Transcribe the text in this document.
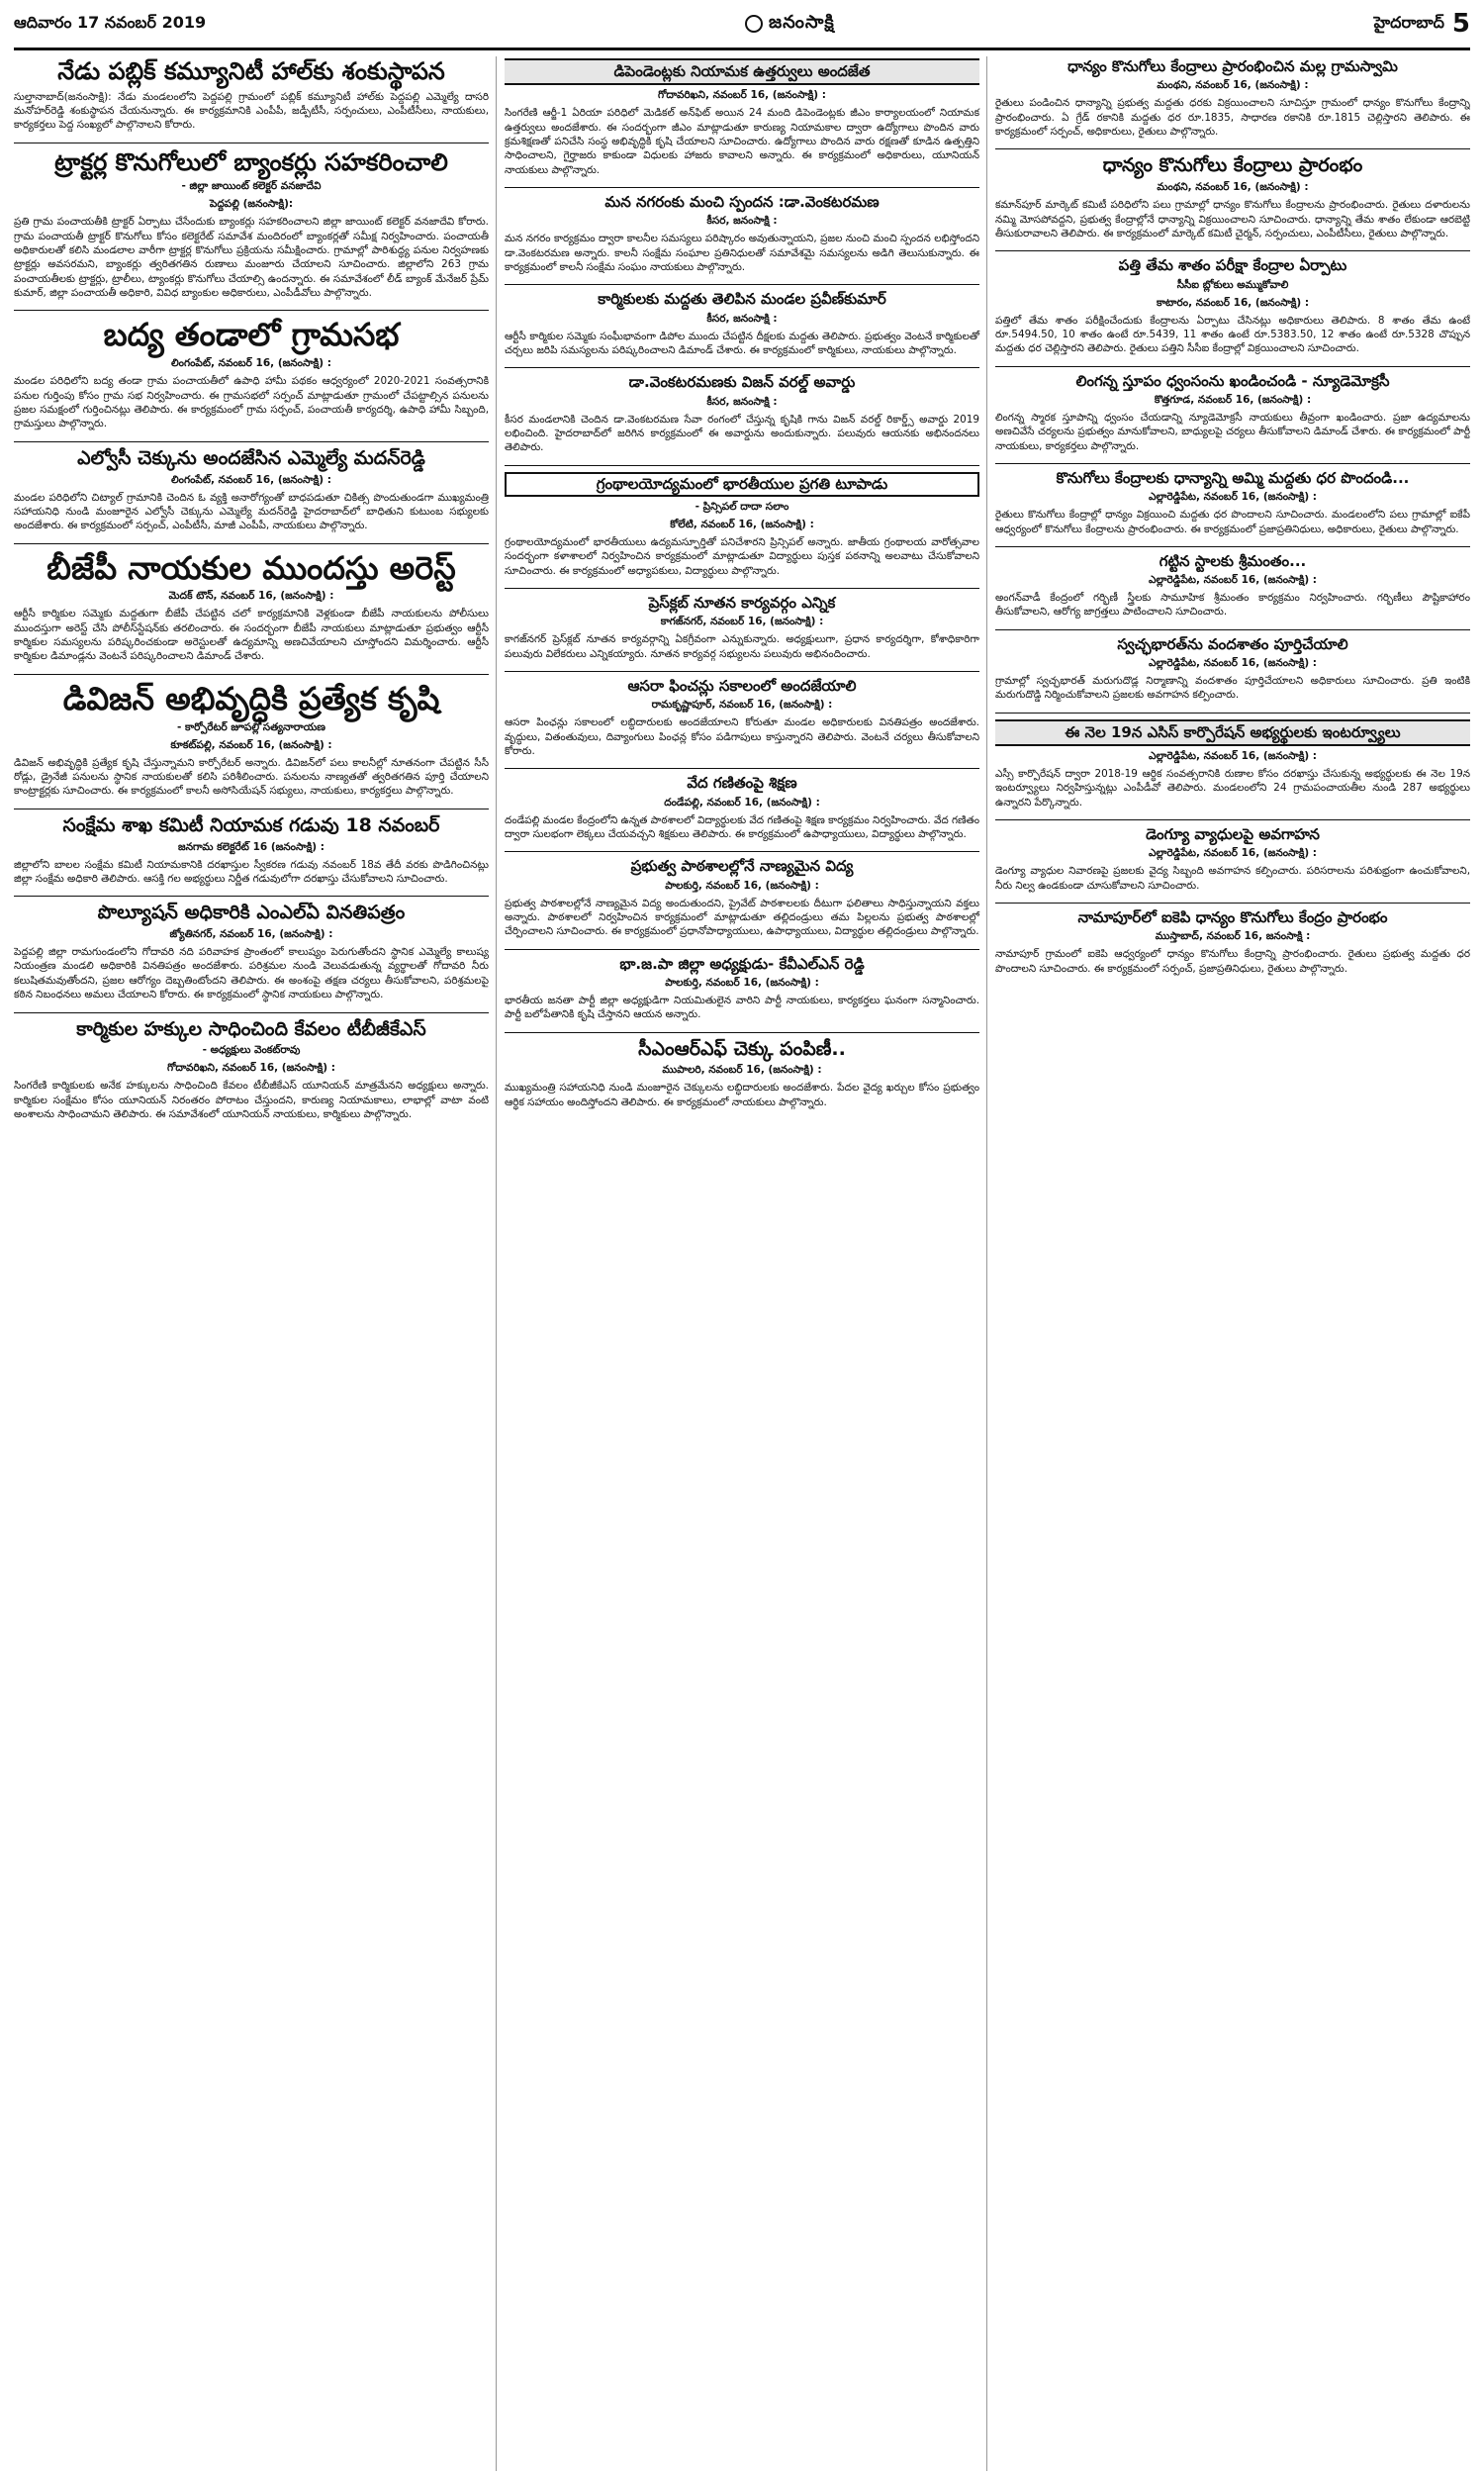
ఆదివారం 17 నవంబర్ 2019	జనంసాక్షి	హైదరాబాద్ 5
నేడు పబ్లిక్ కమ్యూనిటీ హాల్‌కు శంకుస్థాపన

సుల్తానాబాద్(జనంసాక్షి): నేడు మండలంలోని పెద్దపల్లి గ్రామంలో పబ్లిక్ కమ్యూనిటీ హాల్‌కు పెద్దపల్లి ఎమ్మెల్యే దాసరి మనోహర్‌రెడ్డి శంకుస్థాపన చేయనున్నారు. ఈ కార్యక్రమానికి ఎంపీపీ, జడ్పీటీసీ, సర్పంచులు, ఎంపీటీసీలు, నాయకులు, కార్యకర్తలు పెద్ద సంఖ్యలో పాల్గొనాలని కోరారు.

ట్రాక్టర్ల కొనుగోలులో బ్యాంకర్లు సహకరించాలి
- జిల్లా జాయింట్ కలెక్టర్ వనజాదేవి
పెద్దపల్లి (జనంసాక్షి):

ప్రతి గ్రామ పంచాయతీకి ట్రాక్టర్ ఏర్పాటు చేసేందుకు బ్యాంకర్లు సహకరించాలని జిల్లా జాయింట్ కలెక్టర్ వనజాదేవి కోరారు. గ్రామ పంచాయతీ ట్రాక్టర్ కొనుగోలు కోసం కలెక్టరేట్ సమావేశ మందిరంలో బ్యాంకర్లతో సమీక్ష నిర్వహించారు. పంచాయతీ అధికారులతో కలిసి మండలాల వారీగా ట్రాక్టర్ల కొనుగోలు ప్రక్రియను సమీక్షించారు. గ్రామాల్లో పారిశుద్ధ్య పనుల నిర్వహణకు ట్రాక్టర్లు అవసరమని, బ్యాంకర్లు త్వరితగతిన రుణాలు మంజూరు చేయాలని సూచించారు. జిల్లాలోని 263 గ్రామ పంచాయతీలకు ట్రాక్టర్లు, ట్రాలీలు, ట్యాంకర్లు కొనుగోలు చేయాల్సి ఉందన్నారు. ఈ సమావేశంలో లీడ్ బ్యాంక్ మేనేజర్ ప్రేమ్ కుమార్, జిల్లా పంచాయతీ అధికారి, వివిధ బ్యాంకుల అధికారులు, ఎంపీడీవోలు పాల్గొన్నారు.

బద్య తండాలో గ్రామసభ
లింగంపేట్, నవంబర్ 16, (జనంసాక్షి) :

మండల పరిధిలోని బద్య తండా గ్రామ పంచాయతీలో ఉపాధి హామీ పథకం ఆధ్వర్యంలో 2020-2021 సంవత్సరానికి పనుల గుర్తింపు కోసం గ్రామ సభ నిర్వహించారు. ఈ గ్రామసభలో సర్పంచ్ మాట్లాడుతూ గ్రామంలో చేపట్టాల్సిన పనులను ప్రజల సమక్షంలో గుర్తించినట్లు తెలిపారు. ఈ కార్యక్రమంలో గ్రామ సర్పంచ్, పంచాయతీ కార్యదర్శి, ఉపాధి హామీ సిబ్బంది, గ్రామస్తులు పాల్గొన్నారు.

ఎల్వోసీ చెక్కును అందజేసిన ఎమ్మెల్యే మదన్‌రెడ్డి
లింగంపేట్, నవంబర్ 16, (జనంసాక్షి) :

మండల పరిధిలోని చిట్యాల్ గ్రామానికి చెందిన ఓ వ్యక్తి అనారోగ్యంతో బాధపడుతూ చికిత్స పొందుతుండగా ముఖ్యమంత్రి సహాయనిధి నుండి మంజూరైన ఎల్వోసీ చెక్కును ఎమ్మెల్యే మదన్‌రెడ్డి హైదరాబాద్‌లో బాధితుని కుటుంబ సభ్యులకు అందజేశారు. ఈ కార్యక్రమంలో సర్పంచ్, ఎంపీటీసీ, మాజీ ఎంపీపీ, నాయకులు పాల్గొన్నారు.

బీజేపీ నాయకుల ముందస్తు అరెస్ట్
మెదక్ టౌన్, నవంబర్ 16, (జనంసాక్షి) :

ఆర్టీసీ కార్మికుల సమ్మెకు మద్దతుగా బీజేపీ చేపట్టిన చలో కార్యక్రమానికి వెళ్లకుండా బీజేపీ నాయకులను పోలీసులు ముందస్తుగా అరెస్ట్ చేసి పోలీస్‌స్టేషన్‌కు తరలించారు. ఈ సందర్భంగా బీజేపీ నాయకులు మాట్లాడుతూ ప్రభుత్వం ఆర్టీసీ కార్మికుల సమస్యలను పరిష్కరించకుండా అరెస్టులతో ఉద్యమాన్ని అణచివేయాలని చూస్తోందని విమర్శించారు. ఆర్టీసీ కార్మికుల డిమాండ్లను వెంటనే పరిష్కరించాలని డిమాండ్ చేశారు.

డివిజన్ అభివృద్ధికి ప్రత్యేక కృషి
- కార్పోరేటర్ జూపల్లి సత్యనారాయణ
కూకట్‌పల్లి, నవంబర్ 16, (జనంసాక్షి) :

డివిజన్ అభివృద్ధికి ప్రత్యేక కృషి చేస్తున్నామని కార్పోరేటర్ అన్నారు. డివిజన్‌లో పలు కాలనీల్లో నూతనంగా చేపట్టిన సీసీ రోడ్లు, డ్రైనేజీ పనులను స్థానిక నాయకులతో కలిసి పరిశీలించారు. పనులను నాణ్యతతో త్వరితగతిన పూర్తి చేయాలని కాంట్రాక్టర్లకు సూచించారు. ఈ కార్యక్రమంలో కాలనీ అసోసియేషన్ సభ్యులు, నాయకులు, కార్యకర్తలు పాల్గొన్నారు.

సంక్షేమ శాఖ కమిటీ నియామక గడువు 18 నవంబర్
జనగామ కలెక్టరేట్ 16 (జనంసాక్షి) :

జిల్లాలోని బాలల సంక్షేమ కమిటీ నియామకానికి దరఖాస్తుల స్వీకరణ గడువు నవంబర్ 18వ తేదీ వరకు పొడిగించినట్లు జిల్లా సంక్షేమ అధికారి తెలిపారు. ఆసక్తి గల అభ్యర్థులు నిర్ణీత గడువులోగా దరఖాస్తు చేసుకోవాలని సూచించారు.

పొల్యూషన్ అధికారికి ఎంఎల్‌ఏ వినతిపత్రం
జ్యోతినగర్, నవంబర్ 16, (జనంసాక్షి) :

పెద్దపల్లి జిల్లా రామగుండంలోని గోదావరి నది పరివాహక ప్రాంతంలో కాలుష్యం పెరుగుతోందని స్థానిక ఎమ్మెల్యే కాలుష్య నియంత్రణ మండలి అధికారికి వినతిపత్రం అందజేశారు. పరిశ్రమల నుండి వెలువడుతున్న వ్యర్థాలతో గోదావరి నీరు కలుషితమవుతోందని, ప్రజల ఆరోగ్యం దెబ్బతింటోందని తెలిపారు. ఈ అంశంపై తక్షణ చర్యలు తీసుకోవాలని, పరిశ్రమలపై కఠిన నిబంధనలు అమలు చేయాలని కోరారు. ఈ కార్యక్రమంలో స్థానిక నాయకులు పాల్గొన్నారు.

కార్మికుల హక్కుల సాధించింది కేవలం టీబీజీకేఎస్
- అధ్యక్షులు వెంకట్‌రావు
గోదావరిఖని, నవంబర్ 16, (జనంసాక్షి) :

సింగరేణి కార్మికులకు అనేక హక్కులను సాధించింది కేవలం టీబీజీకేఎస్ యూనియన్ మాత్రమేనని అధ్యక్షులు అన్నారు. కార్మికుల సంక్షేమం కోసం యూనియన్ నిరంతరం పోరాటం చేస్తుందని, కారుణ్య నియామకాలు, లాభాల్లో వాటా వంటి అంశాలను సాధించామని తెలిపారు. ఈ సమావేశంలో యూనియన్ నాయకులు, కార్మికులు పాల్గొన్నారు.

డిపెండెంట్లకు నియామక ఉత్తర్వులు అందజేత
గోదావరిఖని, నవంబర్ 16, (జనంసాక్షి) :

సింగరేణి ఆర్జీ-1 ఏరియా పరిధిలో మెడికల్ అన్‌ఫిట్ అయిన 24 మంది డిపెండెంట్లకు జీఎం కార్యాలయంలో నియామక ఉత్తర్వులు అందజేశారు. ఈ సందర్భంగా జీఎం మాట్లాడుతూ కారుణ్య నియామకాల ద్వారా ఉద్యోగాలు పొందిన వారు క్రమశిక్షణతో పనిచేసి సంస్థ అభివృద్ధికి కృషి చేయాలని సూచించారు. ఉద్యోగాలు పొందిన వారు రక్షణతో కూడిన ఉత్పత్తిని సాధించాలని, గైర్హాజరు కాకుండా విధులకు హాజరు కావాలని అన్నారు. ఈ కార్యక్రమంలో అధికారులు, యూనియన్ నాయకులు పాల్గొన్నారు.

మన నగరంకు మంచి స్పందన :డా.వెంకటరమణ
కీసర, జనంసాక్షి :

మన నగరం కార్యక్రమం ద్వారా కాలనీల సమస్యలు పరిష్కారం అవుతున్నాయని, ప్రజల నుంచి మంచి స్పందన లభిస్తోందని డా.వెంకటరమణ అన్నారు. కాలనీ సంక్షేమ సంఘాల ప్రతినిధులతో సమావేశమై సమస్యలను అడిగి తెలుసుకున్నారు. ఈ కార్యక్రమంలో కాలనీ సంక్షేమ సంఘం నాయకులు పాల్గొన్నారు.

కార్మికులకు మద్దతు తెలిపిన మండల ప్రవీణ్‌కుమార్
కీసర, జనంసాక్షి :

ఆర్టీసీ కార్మికుల సమ్మెకు సంఘీభావంగా డిపోల ముందు చేపట్టిన దీక్షలకు మద్దతు తెలిపారు. ప్రభుత్వం వెంటనే కార్మికులతో చర్చలు జరిపి సమస్యలను పరిష్కరించాలని డిమాండ్ చేశారు. ఈ కార్యక్రమంలో కార్మికులు, నాయకులు పాల్గొన్నారు.

డా.వెంకటరమణకు విజన్ వరల్డ్ అవార్డు
కీసర, జనంసాక్షి :

కీసర మండలానికి చెందిన డా.వెంకటరమణ సేవా రంగంలో చేస్తున్న కృషికి గాను విజన్ వరల్డ్ రికార్డ్స్ అవార్డు 2019 లభించింది. హైదరాబాద్‌లో జరిగిన కార్యక్రమంలో ఈ అవార్డును అందుకున్నారు. పలువురు ఆయనకు అభినందనలు తెలిపారు.

గ్రంథాలయోద్యమంలో భారతీయుల ప్రగతి టూపాడు
- ప్రిన్సిపల్ దాదా సలాం
కోలేటి, నవంబర్ 16, (జనంసాక్షి) :

గ్రంథాలయోద్యమంలో భారతీయులు ఉద్యమస్ఫూర్తితో పనిచేశారని ప్రిన్సిపల్ అన్నారు. జాతీయ గ్రంథాలయ వారోత్సవాల సందర్భంగా కళాశాలలో నిర్వహించిన కార్యక్రమంలో మాట్లాడుతూ విద్యార్థులు పుస్తక పఠనాన్ని అలవాటు చేసుకోవాలని సూచించారు. ఈ కార్యక్రమంలో అధ్యాపకులు, విద్యార్థులు పాల్గొన్నారు.

ప్రెస్‌క్లబ్ నూతన కార్యవర్గం ఎన్నిక
కాగజ్‌నగర్, నవంబర్ 16, (జనంసాక్షి) :

కాగజ్‌నగర్ ప్రెస్‌క్లబ్ నూతన కార్యవర్గాన్ని ఏకగ్రీవంగా ఎన్నుకున్నారు. అధ్యక్షులుగా, ప్రధాన కార్యదర్శిగా, కోశాధికారిగా పలువురు విలేకరులు ఎన్నికయ్యారు. నూతన కార్యవర్గ సభ్యులను పలువురు అభినందించారు.

ఆసరా ఫించన్లు సకాలంలో అందజేయాలి
రామకృష్ణాపూర్, నవంబర్ 16, (జనంసాక్షి) :

ఆసరా పింఛన్లు సకాలంలో లబ్ధిదారులకు అందజేయాలని కోరుతూ మండల అధికారులకు వినతిపత్రం అందజేశారు. వృద్ధులు, వితంతువులు, దివ్యాంగులు పింఛన్ల కోసం పడిగాపులు కాస్తున్నారని తెలిపారు. వెంటనే చర్యలు తీసుకోవాలని కోరారు.

వేద గణితంపై శిక్షణ
దండేపల్లి, నవంబర్ 16, (జనంసాక్షి) :

దండేపల్లి మండల కేంద్రంలోని ఉన్నత పాఠశాలలో విద్యార్థులకు వేద గణితంపై శిక్షణ కార్యక్రమం నిర్వహించారు. వేద గణితం ద్వారా సులభంగా లెక్కలు చేయవచ్చని శిక్షకులు తెలిపారు. ఈ కార్యక్రమంలో ఉపాధ్యాయులు, విద్యార్థులు పాల్గొన్నారు.

ప్రభుత్వ పాఠశాలల్లోనే నాణ్యమైన విద్య
పాలకుర్తి, నవంబర్ 16, (జనంసాక్షి) :

ప్రభుత్వ పాఠశాలల్లోనే నాణ్యమైన విద్య అందుతుందని, ప్రైవేట్ పాఠశాలలకు దీటుగా ఫలితాలు సాధిస్తున్నాయని వక్తలు అన్నారు. పాఠశాలలో నిర్వహించిన కార్యక్రమంలో మాట్లాడుతూ తల్లిదండ్రులు తమ పిల్లలను ప్రభుత్వ పాఠశాలల్లో చేర్పించాలని సూచించారు. ఈ కార్యక్రమంలో ప్రధానోపాధ్యాయులు, ఉపాధ్యాయులు, విద్యార్థుల తల్లిదండ్రులు పాల్గొన్నారు.

భా.జ.పా జిల్లా అధ్యక్షుడు- కేవీఎల్‌ఎన్ రెడ్డి
పాలకుర్తి, నవంబర్ 16, (జనంసాక్షి) :

భారతీయ జనతా పార్టీ జిల్లా అధ్యక్షుడిగా నియమితులైన వారిని పార్టీ నాయకులు, కార్యకర్తలు ఘనంగా సన్మానించారు. పార్టీ బలోపేతానికి కృషి చేస్తానని ఆయన అన్నారు.

సీఎంఆర్‌ఎఫ్ చెక్కు పంపిణీ..
ముపాలరి, నవంబర్ 16, (జనంసాక్షి) :

ముఖ్యమంత్రి సహాయనిధి నుండి మంజూరైన చెక్కులను లబ్ధిదారులకు అందజేశారు. పేదల వైద్య ఖర్చుల కోసం ప్రభుత్వం ఆర్థిక సహాయం అందిస్తోందని తెలిపారు. ఈ కార్యక్రమంలో నాయకులు పాల్గొన్నారు.

ధాన్యం కొనుగోలు కేంద్రాలు ప్రారంభించిన మల్ల గ్రామస్వామి
మంథని, నవంబర్ 16, (జనంసాక్షి) :

రైతులు పండించిన ధాన్యాన్ని ప్రభుత్వ మద్దతు ధరకు విక్రయించాలని సూచిస్తూ గ్రామంలో ధాన్యం కొనుగోలు కేంద్రాన్ని ప్రారంభించారు. ఏ గ్రేడ్ రకానికి మద్దతు ధర రూ.1835, సాధారణ రకానికి రూ.1815 చెల్లిస్తారని తెలిపారు. ఈ కార్యక్రమంలో సర్పంచ్, అధికారులు, రైతులు పాల్గొన్నారు.

ధాన్యం కొనుగోలు కేంద్రాలు ప్రారంభం
మంథని, నవంబర్ 16, (జనంసాక్షి) :

కమాన్‌పూర్ మార్కెట్ కమిటీ పరిధిలోని పలు గ్రామాల్లో ధాన్యం కొనుగోలు కేంద్రాలను ప్రారంభించారు. రైతులు దళారులను నమ్మి మోసపోవద్దని, ప్రభుత్వ కేంద్రాల్లోనే ధాన్యాన్ని విక్రయించాలని సూచించారు. ధాన్యాన్ని తేమ శాతం లేకుండా ఆరబెట్టి తీసుకురావాలని తెలిపారు. ఈ కార్యక్రమంలో మార్కెట్ కమిటీ చైర్మన్, సర్పంచులు, ఎంపీటీసీలు, రైతులు పాల్గొన్నారు.

పత్తి తేమ శాతం పరీక్షా కేంద్రాల ఏర్పాటు
సీసీఐ బ్లోకులు అమ్ముకోవాలి
కాటారం, నవంబర్ 16, (జనంసాక్షి) :

పత్తిలో తేమ శాతం పరీక్షించేందుకు కేంద్రాలను ఏర్పాటు చేసినట్లు అధికారులు తెలిపారు. 8 శాతం తేమ ఉంటే రూ.5494.50, 10 శాతం ఉంటే రూ.5439, 11 శాతం ఉంటే రూ.5383.50, 12 శాతం ఉంటే రూ.5328 చొప్పున మద్దతు ధర చెల్లిస్తారని తెలిపారు. రైతులు పత్తిని సీసీఐ కేంద్రాల్లో విక్రయించాలని సూచించారు.

లింగన్న స్తూపం ధ్వంసంను ఖండించండి - న్యూడెమోక్రసీ
కొత్తగూడ, నవంబర్ 16, (జనంసాక్షి) :

లింగన్న స్మారక స్తూపాన్ని ధ్వంసం చేయడాన్ని న్యూడెమోక్రసీ నాయకులు తీవ్రంగా ఖండించారు. ప్రజా ఉద్యమాలను అణచివేసే చర్యలను ప్రభుత్వం మానుకోవాలని, బాధ్యులపై చర్యలు తీసుకోవాలని డిమాండ్ చేశారు. ఈ కార్యక్రమంలో పార్టీ నాయకులు, కార్యకర్తలు పాల్గొన్నారు.

కొనుగోలు కేంద్రాలకు ధాన్యాన్ని అమ్మి మద్దతు ధర పొందండి...
ఎల్లారెడ్డిపేట, నవంబర్ 16, (జనంసాక్షి) :

రైతులు కొనుగోలు కేంద్రాల్లో ధాన్యం విక్రయించి మద్దతు ధర పొందాలని సూచించారు. మండలంలోని పలు గ్రామాల్లో ఐకేపీ ఆధ్వర్యంలో కొనుగోలు కేంద్రాలను ప్రారంభించారు. ఈ కార్యక్రమంలో ప్రజాప్రతినిధులు, అధికారులు, రైతులు పాల్గొన్నారు.

గట్టిన స్టాలకు శ్రీమంతం...
ఎల్లారెడ్డిపేట, నవంబర్ 16, (జనంసాక్షి) :

అంగన్‌వాడీ కేంద్రంలో గర్భిణీ స్త్రీలకు సామూహిక శ్రీమంతం కార్యక్రమం నిర్వహించారు. గర్భిణీలు పౌష్టికాహారం తీసుకోవాలని, ఆరోగ్య జాగ్రత్తలు పాటించాలని సూచించారు.

స్వచ్ఛభారత్‌ను వందశాతం పూర్తిచేయాలి
ఎల్లారెడ్డిపేట, నవంబర్ 16, (జనంసాక్షి) :

గ్రామాల్లో స్వచ్ఛభారత్ మరుగుదొడ్ల నిర్మాణాన్ని వందశాతం పూర్తిచేయాలని అధికారులు సూచించారు. ప్రతి ఇంటికి మరుగుదొడ్డి నిర్మించుకోవాలని ప్రజలకు అవగాహన కల్పించారు.

ఈ నెల 19న ఎసిస్ కార్పొరేషన్ అభ్యర్థులకు ఇంటర్వ్యూలు
ఎల్లారెడ్డిపేట, నవంబర్ 16, (జనంసాక్షి) :

ఎస్సీ కార్పొరేషన్ ద్వారా 2018-19 ఆర్థిక సంవత్సరానికి రుణాల కోసం దరఖాస్తు చేసుకున్న అభ్యర్థులకు ఈ నెల 19న ఇంటర్వ్యూలు నిర్వహిస్తున్నట్లు ఎంపీడీవో తెలిపారు. మండలంలోని 24 గ్రామపంచాయతీల నుండి 287 అభ్యర్థులు ఉన్నారని పేర్కొన్నారు.

డెంగ్యూ వ్యాధులపై అవగాహన
ఎల్లారెడ్డిపేట, నవంబర్ 16, (జనంసాక్షి) :

డెంగ్యూ వ్యాధుల నివారణపై ప్రజలకు వైద్య సిబ్బంది అవగాహన కల్పించారు. పరిసరాలను పరిశుభ్రంగా ఉంచుకోవాలని, నీరు నిల్వ ఉండకుండా చూసుకోవాలని సూచించారు.

నామాపూర్‌లో ఐకెపి ధాన్యం కొనుగోలు కేంద్రం ప్రారంభం
ముస్తాబాద్, నవంబర్ 16, జనంసాక్షి :

నామాపూర్ గ్రామంలో ఐకెపి ఆధ్వర్యంలో ధాన్యం కొనుగోలు కేంద్రాన్ని ప్రారంభించారు. రైతులు ప్రభుత్వ మద్దతు ధర పొందాలని సూచించారు. ఈ కార్యక్రమంలో సర్పంచ్, ప్రజాప్రతినిధులు, రైతులు పాల్గొన్నారు.
